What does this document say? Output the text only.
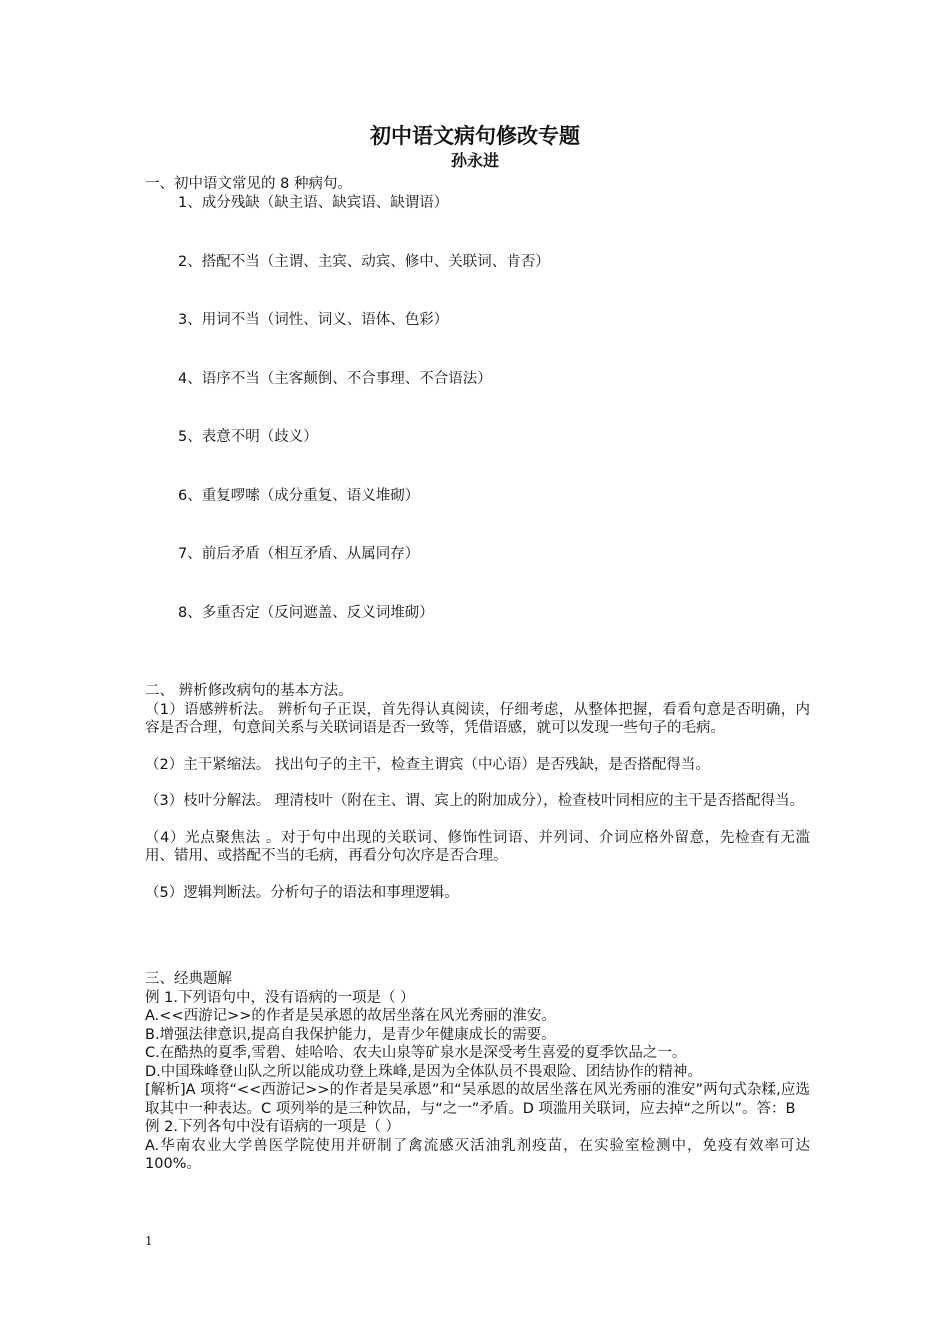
初中语文病句修改专题
孙永进
一、初中语文常见的 8 种病句。
1、成分残缺（缺主语、缺宾语、缺谓语）
2、搭配不当（主谓、主宾、动宾、修中、关联词、肯否）
3、用词不当（词性、词义、语体、色彩）
4、语序不当（主客颠倒、不合事理、不合语法）
5、表意不明（歧义）
6、重复啰嗦（成分重复、语义堆砌）
7、前后矛盾（相互矛盾、从属同存）
8、多重否定（反问遮盖、反义词堆砌）
二、 辨析修改病句的基本方法。
（1）语感辨析法。 辨析句子正误，首先得认真阅读，仔细考虑，从整体把握，看看句意是否明确，内容是否合理，句意间关系与关联词语是否一致等，凭借语感，就可以发现一些句子的毛病。
（2）主干紧缩法。 找出句子的主干，检查主谓宾（中心语）是否残缺，是否搭配得当。
（3）枝叶分解法。 理清枝叶（附在主、谓、宾上的附加成分），检查枝叶同相应的主干是否搭配得当。
（4）光点聚焦法 。对于句中出现的关联词、修饰性词语、并列词、介词应格外留意，先检查有无滥用、错用、或搭配不当的毛病，再看分句次序是否合理。
（5）逻辑判断法。分析句子的语法和事理逻辑。
三、经典题解
例 1.下列语句中，没有语病的一项是（ ）
A.<<西游记>>的作者是吴承恩的故居坐落在风光秀丽的淮安。
B.增强法律意识,提高自我保护能力，是青少年健康成长的需要。
C.在酷热的夏季,雪碧、娃哈哈、农夫山泉等矿泉水是深受考生喜爱的夏季饮品之一。
D.中国珠峰登山队之所以能成功登上珠峰,是因为全体队员不畏艰险、团结协作的精神。
[解析]A 项将“<<西游记>>的作者是吴承恩”和“吴承恩的故居坐落在风光秀丽的淮安”两句式杂糅,应选取其中一种表达。C 项列举的是三种饮品，与“之一”矛盾。D 项滥用关联词，应去掉“之所以”。答：B
例 2.下列各句中没有语病的一项是（ ）
A.华南农业大学兽医学院使用并研制了禽流感灭活油乳剂疫苗，在实验室检测中，免疫有效率可达 100%。
1
